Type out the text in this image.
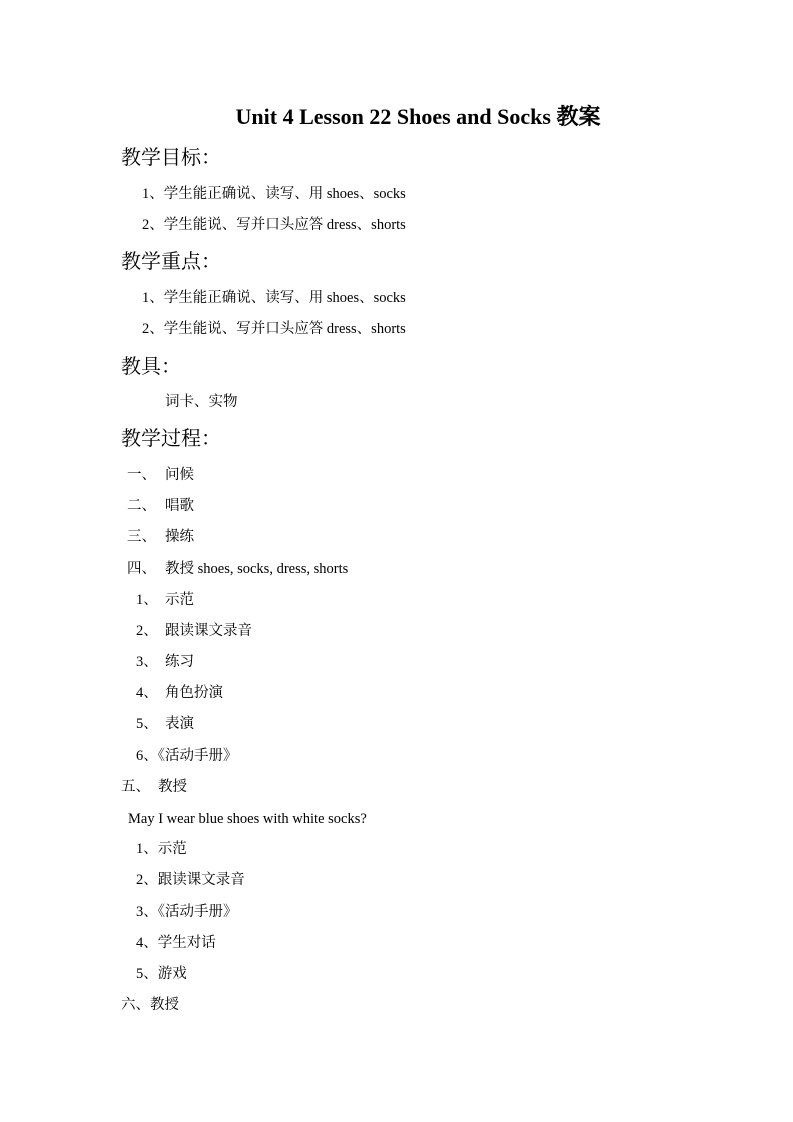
Unit 4 Lesson 22 Shoes and Socks 教案
教学目标：
1、学生能正确说、读写、用 shoes、socks
2、学生能说、写并口头应答 dress、shorts
教学重点：
1、学生能正确说、读写、用 shoes、socks
2、学生能说、写并口头应答 dress、shorts
教具：
词卡、实物
教学过程：
一、 问候
二、 唱歌
三、 操练
四、 教授 shoes, socks, dress, shorts
1、 示范
2、 跟读课文录音
3、 练习
4、 角色扮演
5、 表演
6、《活动手册》
五、 教授
May I wear blue shoes with white socks?
1、示范
2、跟读课文录音
3、《活动手册》
4、学生对话
5、游戏
六、教授
